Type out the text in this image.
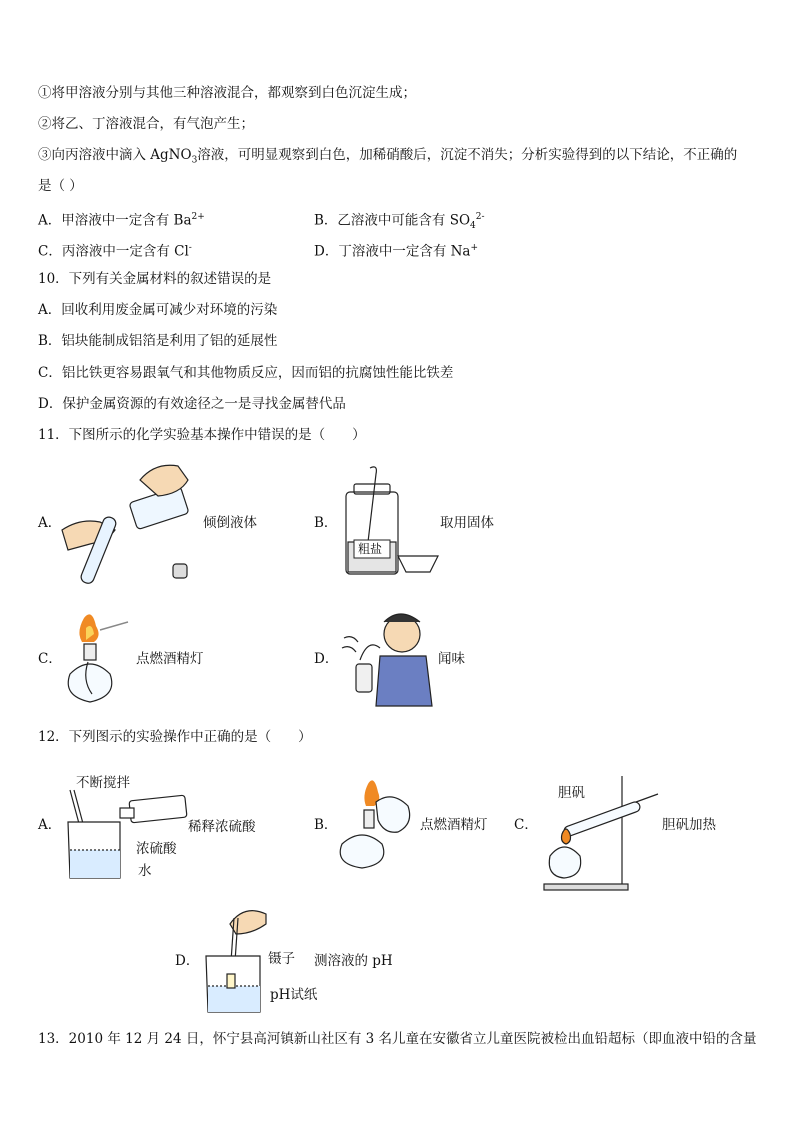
①将甲溶液分别与其他三种溶液混合，都观察到白色沉淀生成；
②将乙、丁溶液混合，有气泡产生；
③向丙溶液中滴入 AgNO$_3$溶液，可明显观察到白色，加稀硝酸后，沉淀不消失；分析实验得到的以下结论，不正确的
是（ ）
A．甲溶液中一定含有 $Ba^{2+}$	B．乙溶液中可能含有 $SO_4^{2-}$
C．丙溶液中一定含有 Cl-	D．丁溶液中一定含有 Na+
10．下列有关金属材料的叙述错误的是
A．回收利用废金属可减少对环境的污染
B．铝块能制成铝箔是利用了铝的延展性
C．铝比铁更容易跟氧气和其他物质反应，因而铝的抗腐蚀性能比铁差
D．保护金属资源的有效途径之一是寻找金属替代品
11．下图所示的化学实验基本操作中错误的是（　　）
A．	倾倒液体	B．
粗盐
取用固体
C．	点燃酒精灯	D．	闻味
12．下列图示的实验操作中正确的是（　　）
A．
不断搅拌
稀释浓硫酸
浓硫酸
水
B．	点燃酒精灯 C．
胆矾
胆矾加热
D．	镊子 测溶液的 pH
pH试纸
13．2010 年 12 月 24 日，怀宁县高河镇新山社区有 3 名儿童在安徽省立儿童医院被检出血铅超标（即血液中铅的含量
